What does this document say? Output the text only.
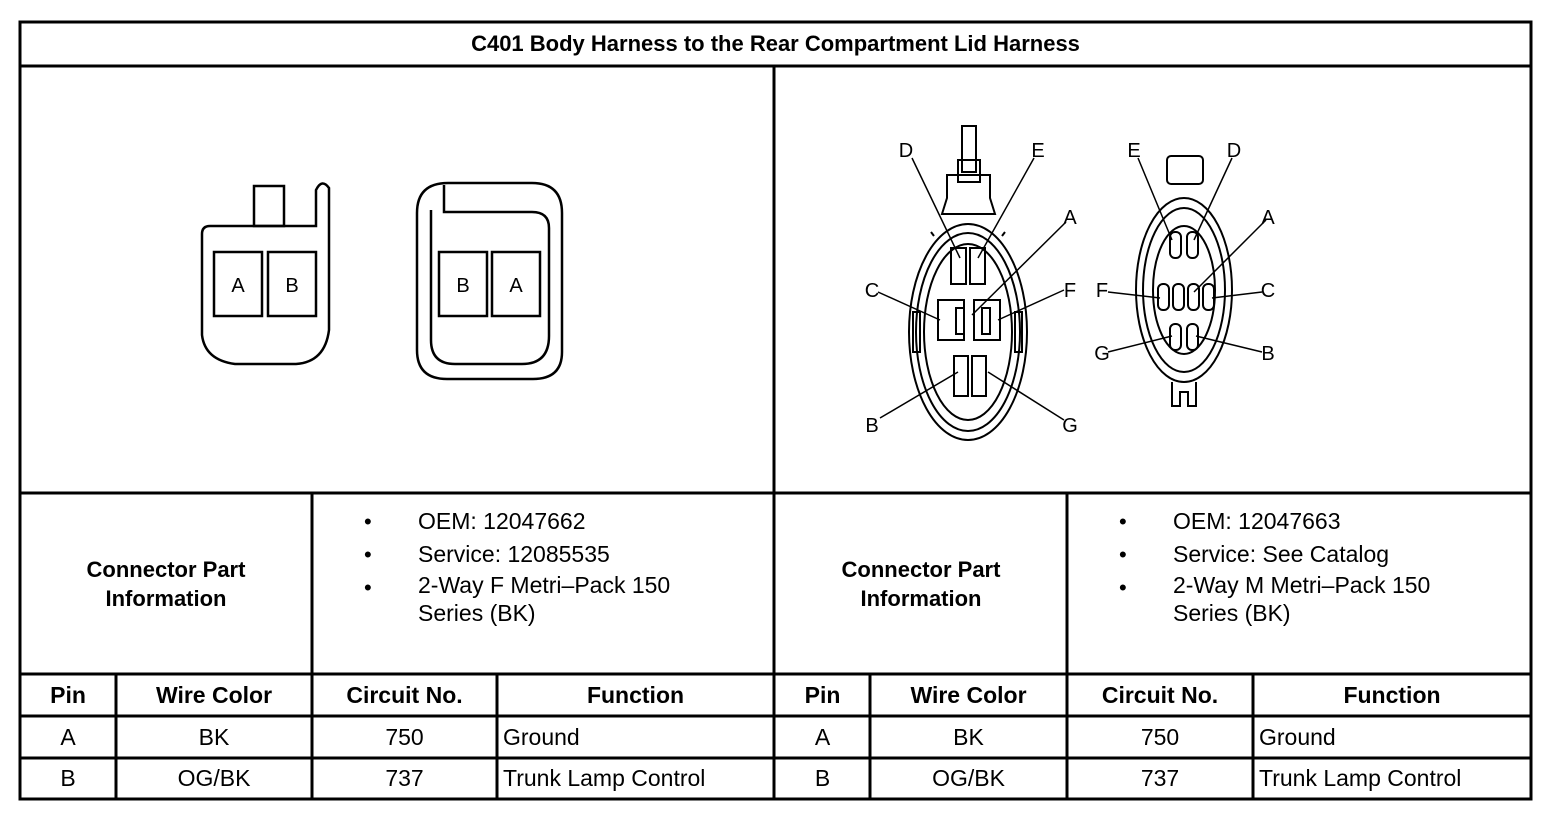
C401 Body Harness to the Rear Compartment Lid Harness
A B	B A
D	E
A
C	F
B	G
E	D
A
F	C
G	B
Connector Part Information
• OEM: 12047662
• Service: 12085535
• 2-Way F Metri–Pack 150 Series (BK)
Connector Part Information
• OEM: 12047663
• Service: See Catalog
• 2-Way M Metri–Pack 150 Series (BK)
Pin	Wire Color	Circuit No.	Function
A	BK	750	Ground
B	OG/BK	737	Trunk Lamp Control
Pin	Wire Color	Circuit No.	Function
A	BK	750	Ground
B	OG/BK	737	Trunk Lamp Control
